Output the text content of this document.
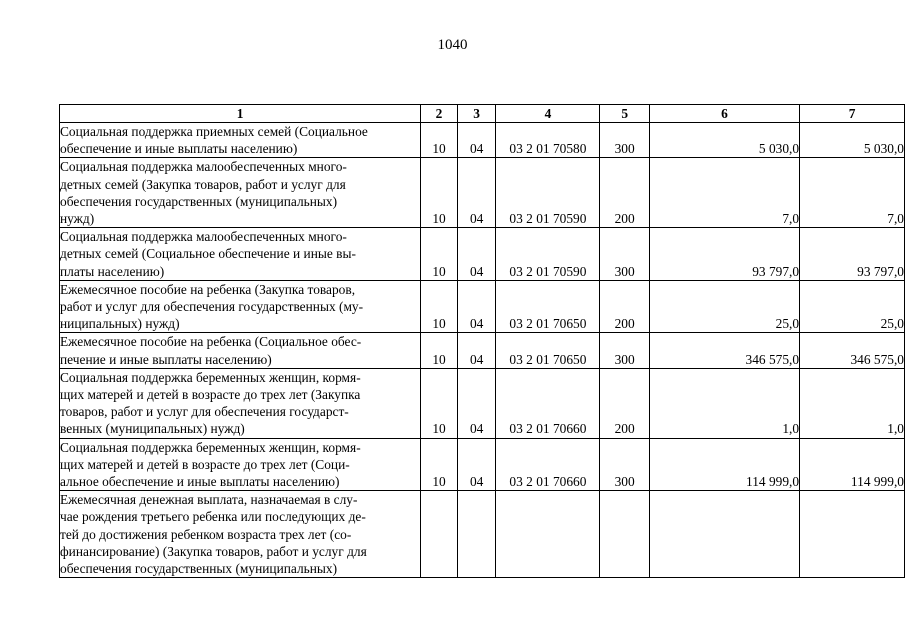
1040
1	2	3	4	5	6	7

Социальная поддержка приемных семей (Социальное
обеспечение и иные выплаты населению)	10	04	03 2 01 70580	300	5 030,0	5 030,0

Социальная поддержка малообеспеченных много-
детных семей (Закупка товаров, работ и услуг для
обеспечения государственных (муниципальных)
нужд)	10	04	03 2 01 70590	200	7,0	7,0

Социальная поддержка малообеспеченных много-
детных семей (Социальное обеспечение и иные вы-
платы населению)	10	04	03 2 01 70590	300	93 797,0	93 797,0

Ежемесячное пособие на ребенка (Закупка товаров,
работ и услуг для обеспечения государственных (му-
ниципальных) нужд)	10	04	03 2 01 70650	200	25,0	25,0

Ежемесячное пособие на ребенка (Социальное обес-
печение и иные выплаты населению)	10	04	03 2 01 70650	300	346 575,0	346 575,0

Социальная поддержка беременных женщин, кормя-
щих матерей и детей в возрасте до трех лет (Закупка
товаров, работ и услуг для обеспечения государст-
венных (муниципальных) нужд)	10	04	03 2 01 70660	200	1,0	1,0

Социальная поддержка беременных женщин, кормя-
щих матерей и детей в возрасте до трех лет (Соци-
альное обеспечение и иные выплаты населению)	10	04	03 2 01 70660	300	114 999,0	114 999,0

Ежемесячная денежная выплата, назначаемая в слу-
чае рождения третьего ребенка или последующих де-
тей до достижения ребенком возраста трех лет (со-
финансирование) (Закупка товаров, работ и услуг для
обеспечения государственных (муниципальных)						
